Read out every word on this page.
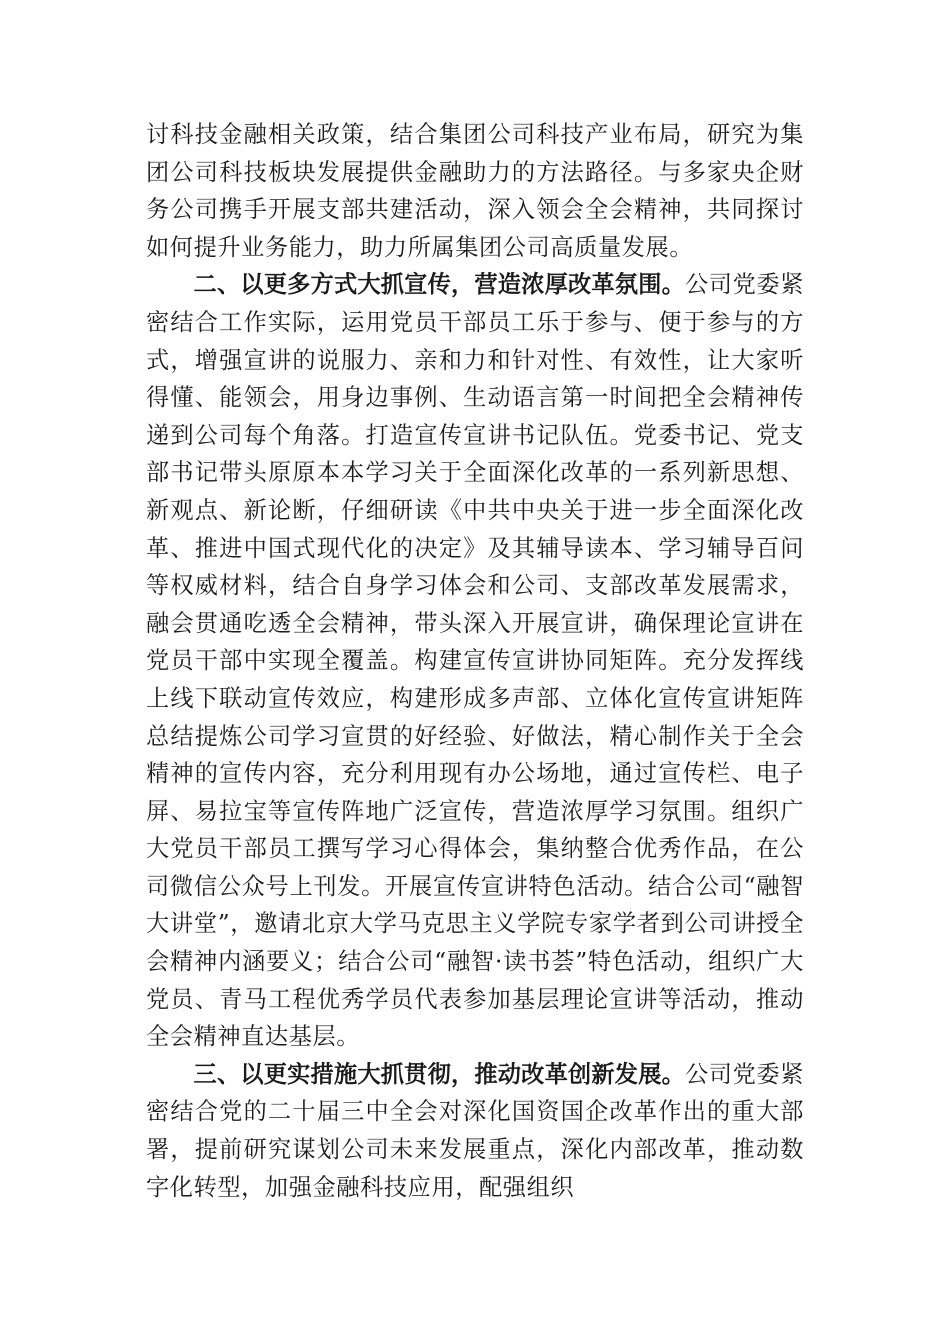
讨科技金融相关政策，结合集团公司科技产业布局，研究为集团公司科技板块发展提供金融助力的方法路径。与多家央企财务公司携手开展支部共建活动，深入领会全会精神，共同探讨如何提升业务能力，助力所属集团公司高质量发展。

二、以更多方式大抓宣传，营造浓厚改革氛围。公司党委紧密结合工作实际，运用党员干部员工乐于参与、便于参与的方式，增强宣讲的说服力、亲和力和针对性、有效性，让大家听得懂、能领会，用身边事例、生动语言第一时间把全会精神传递到公司每个角落。打造宣传宣讲书记队伍。党委书记、党支部书记带头原原本本学习关于全面深化改革的一系列新思想、新观点、新论断，仔细研读《中共中央关于进一步全面深化改革、推进中国式现代化的决定》及其辅导读本、学习辅导百问等权威材料，结合自身学习体会和公司、支部改革发展需求，融会贯通吃透全会精神，带头深入开展宣讲，确保理论宣讲在党员干部中实现全覆盖。构建宣传宣讲协同矩阵。充分发挥线上线下联动宣传效应，构建形成多声部、立体化宣传宣讲矩阵总结提炼公司学习宣贯的好经验、好做法，精心制作关于全会精神的宣传内容，充分利用现有办公场地，通过宣传栏、电子屏、易拉宝等宣传阵地广泛宣传，营造浓厚学习氛围。组织广大党员干部员工撰写学习心得体会，集纳整合优秀作品，在公司微信公众号上刊发。开展宣传宣讲特色活动。结合公司“融智大讲堂”，邀请北京大学马克思主义学院专家学者到公司讲授全会精神内涵要义；结合公司“融智·读书荟”特色活动，组织广大党员、青马工程优秀学员代表参加基层理论宣讲等活动，推动全会精神直达基层。

三、以更实措施大抓贯彻，推动改革创新发展。公司党委紧密结合党的二十届三中全会对深化国资国企改革作出的重大部署，提前研究谋划公司未来发展重点，深化内部改革，推动数字化转型，加强金融科技应用，配强组织
